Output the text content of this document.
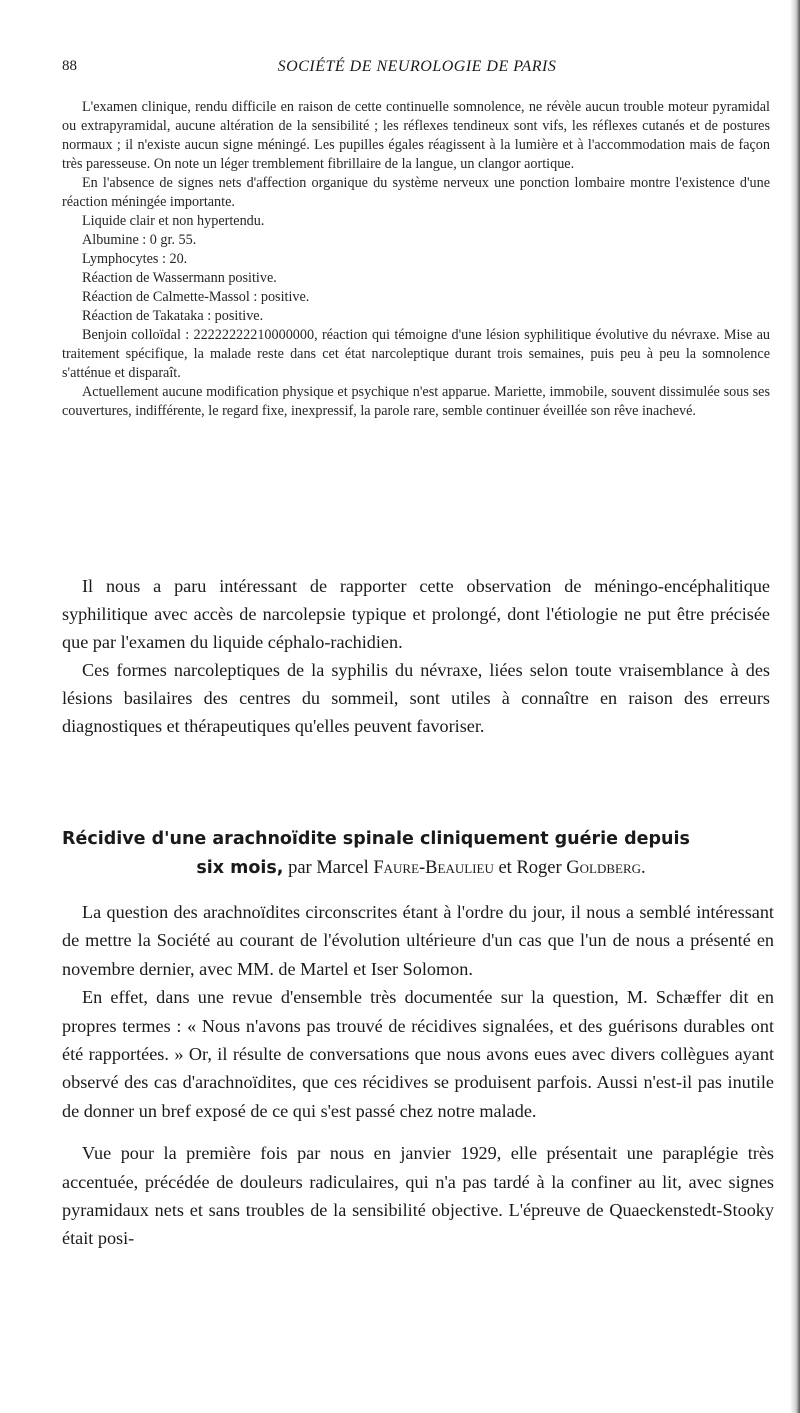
88	SOCIÉTÉ DE NEUROLOGIE DE PARIS

L'examen clinique, rendu difficile en raison de cette continuelle somnolence, ne révèle aucun trouble moteur pyramidal ou extrapyramidal, aucune altération de la sensibilité ; les réflexes tendineux sont vifs, les réflexes cutanés et de postures normaux ; il n'existe aucun signe méningé. Les pupilles égales réagissent à la lumière et à l'accommodation mais de façon très paresseuse. On note un léger tremblement fibrillaire de la langue, un clangor aortique.

En l'absence de signes nets d'affection organique du système nerveux une ponction lombaire montre l'existence d'une réaction méningée importante.

Liquide clair et non hypertendu.

Albumine : 0 gr. 55.

Lymphocytes : 20.

Réaction de Wassermann positive.

Réaction de Calmette-Massol : positive.

Réaction de Takataka : positive.

Benjoin colloïdal : 22222222210000000, réaction qui témoigne d'une lésion syphilitique évolutive du névraxe. Mise au traitement spécifique, la malade reste dans cet état narcoleptique durant trois semaines, puis peu à peu la somnolence s'atténue et disparaît.

Actuellement aucune modification physique et psychique n'est apparue. Mariette, immobile, souvent dissimulée sous ses couvertures, indifférente, le regard fixe, inexpressif, la parole rare, semble continuer éveillée son rêve inachevé.

Il nous a paru intéressant de rapporter cette observation de méningo-encéphalitique syphilitique avec accès de narcolepsie typique et prolongé, dont l'étiologie ne put être précisée que par l'examen du liquide céphalo-rachidien.

Ces formes narcoleptiques de la syphilis du névraxe, liées selon toute vraisemblance à des lésions basilaires des centres du sommeil, sont utiles à connaître en raison des erreurs diagnostiques et thérapeutiques qu'elles peuvent favoriser.

Récidive d'une arachnoïdite spinale cliniquement guérie depuis
six mois, par Marcel Faure-Beaulieu et Roger Goldberg.

La question des arachnoïdites circonscrites étant à l'ordre du jour, il nous a semblé intéressant de mettre la Société au courant de l'évolution ultérieure d'un cas que l'un de nous a présenté en novembre dernier, avec MM. de Martel et Iser Solomon.

En effet, dans une revue d'ensemble très documentée sur la question, M. Schæffer dit en propres termes : « Nous n'avons pas trouvé de récidives signalées, et des guérisons durables ont été rapportées. » Or, il résulte de conversations que nous avons eues avec divers collègues ayant observé des cas d'arachnoïdites, que ces récidives se produisent parfois. Aussi n'est-il pas inutile de donner un bref exposé de ce qui s'est passé chez notre malade.

Vue pour la première fois par nous en janvier 1929, elle présentait une paraplégie très accentuée, précédée de douleurs radiculaires, qui n'a pas tardé à la confiner au lit, avec signes pyramidaux nets et sans troubles de la sensibilité objective. L'épreuve de Quaeckenstedt-Stooky était posi-
